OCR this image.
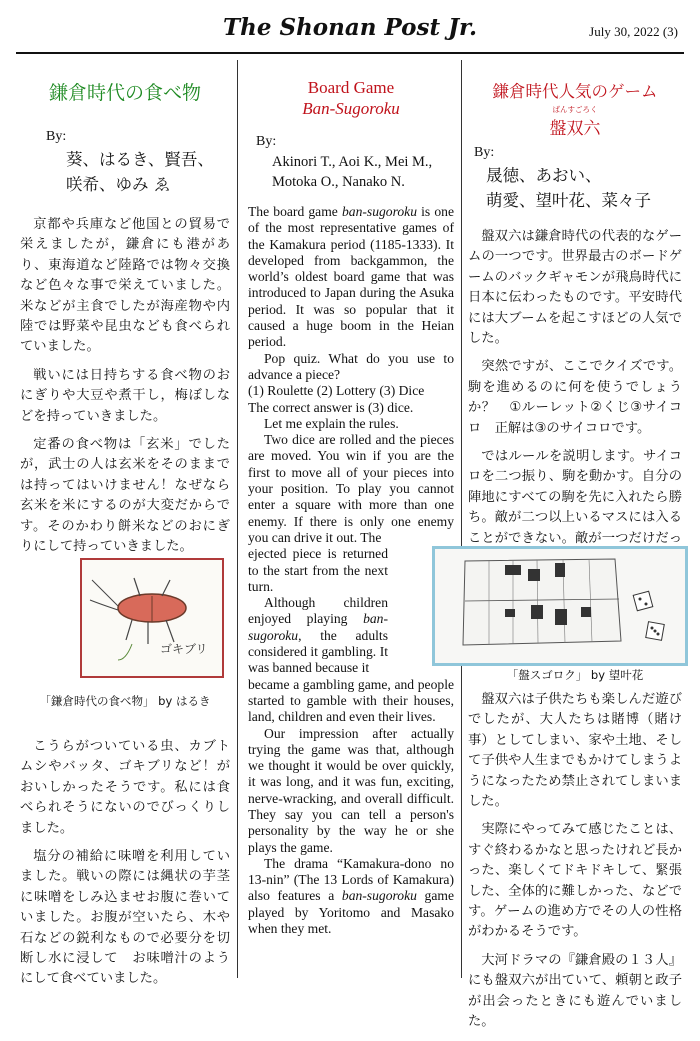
The Shonan Post Jr.	July 30, 2022 (3)
鎌倉時代の食べ物
By:
葵、はるき、賢吾、
咲希、ゆみ ゑ

京都や兵庫など他国との貿易で栄えましたが，鎌倉にも港があり、東海道など陸路では物々交換など色々な事で栄えていました。米などが主食でしたが海産物や内陸では野菜や昆虫なども食べられていました。

戦いには日持ちする食べ物のおにぎりや大豆や煮干し，梅ぼしなどを持っていきました。

定番の食べ物は「玄米」でしたが，武士の人は玄米をそのままでは持ってはいけません！なぜなら玄米を米にするのが大変だからです。そのかわり餅米などのおにぎりにして持っていきました。

ゴキブリ
「鎌倉時代の食べ物」 by はるき

こうらがついている虫、カブトムシやバッタ、ゴキブリなど！がおいしかったそうです。私には食べられそうにないのでびっくりしました。

塩分の補給に味噌を利用していました。戦いの際には縄状の芋茎に味噌をしみ込ませお腹に巻いていました。お腹が空いたら、木や石などの鋭利なもので必要分を切断し水に浸して　お味噌汁のようにして食べていました。

Board Game
Ban-Sugoroku
By:
Akinori T., Aoi K., Mei M., Motoka O., Nanako N.

The board game ban-sugoroku is one of the most representative games of the Kamakura period (1185-1333). It developed from backgammon, the world’s oldest board game that was introduced to Japan during the Asuka period. It was so popular that it caused a huge boom in the Heian period.

Pop quiz. What do you use to advance a piece?

(1) Roulette (2) Lottery (3) Dice

The correct answer is (3) dice.

Let me explain the rules.

Two dice are rolled and the pieces are moved. You win if you are the first to move all of your pieces into your position. To play you cannot enter a square with more than one enemy. If there is only one enemy you can drive it out. The

ejected piece is returned to the start from the next turn.

Although children enjoyed playing ban-sugoroku, the adults considered it gambling. It was banned because it

became a gambling game, and people started to gamble with their houses, land, children and even their lives.

Our impression after actually trying the game was that, although we thought it would be over quickly, it was long, and it was fun, exciting, nerve-wracking, and overall difficult. They say you can tell a person's personality by the way he or she plays the game.

The drama “Kamakura-dono no 13-nin” (The 13 Lords of Kamakura) also features a ban-sugoroku game played by Yoritomo and Masako when they met.

鎌倉時代人気のゲーム
ばんすごろく
盤双六
By:
晟徳、あおい、
萌愛、望叶花、菜々子

盤双六は鎌倉時代の代表的なゲームの一つです。世界最古のボードゲームのバックギャモンが飛鳥時代に日本に伝わったものです。平安時代には大ブームを起こすほどの人気でした。

突然ですが、ここでクイズです。駒を進めるのに何を使うでしょうか？　①ルーレット②くじ③サイコロ　正解は③のサイコロです。

ではルールを説明します。サイコロを二つ振り、駒を動かす。自分の陣地にすべての駒を先に入れたら勝ち。敵が二つ以上いるマスには入ることができない。敵が一つだけだっ

「盤スゴロク」 by 望叶花

盤双六は子供たちも楽しんだ遊びでしたが、大人たちは賭博（賭け事）としてしまい、家や土地、そして子供や人生までもかけてしまうようになったため禁止されてしまいました。

実際にやってみて感じたことは、すぐ終わるかなと思ったけれど長かった、楽しくてドキドキして、緊張した、全体的に難しかった、などです。ゲームの進め方でその人の性格がわかるそうです。

大河ドラマの『鎌倉殿の１３人』にも盤双六が出ていて、頼朝と政子が出会ったときにも遊んでいました。
